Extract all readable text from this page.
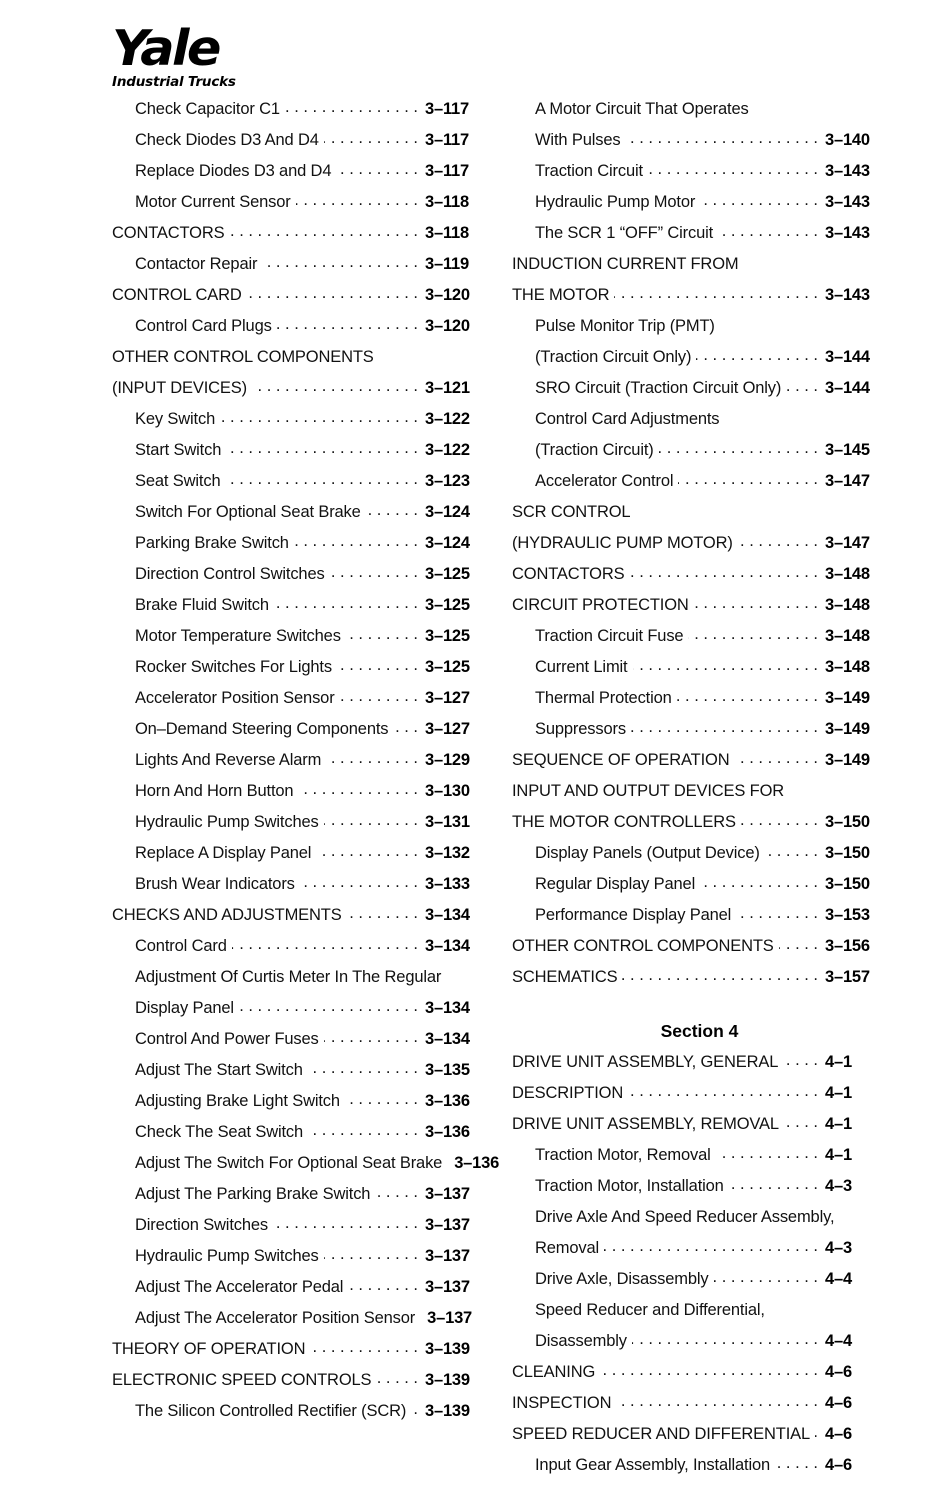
Yale
Industrial Trucks
Check Capacitor C1 . . .	3–117
Check Diodes D3 And D4 . . .	3–117
Replace Diodes D3 and D4 . . .	3–117
Motor Current Sensor . . .	3–118
CONTACTORS . . .	3–118
Contactor Repair . . .	3–119
CONTROL CARD . . .	3–120
Control Card Plugs . . .	3–120
OTHER CONTROL COMPONENTS
(INPUT DEVICES) . . .	3–121
Key Switch . . .	3–122
Start Switch . . .	3–122
Seat Switch . . .	3–123
Switch For Optional Seat Brake . . .	3–124
Parking Brake Switch . . .	3–124
Direction Control Switches . . .	3–125
Brake Fluid Switch . . .	3–125
Motor Temperature Switches . . .	3–125
Rocker Switches For Lights . . .	3–125
Accelerator Position Sensor . . .	3–127
On–Demand Steering Components . . . 3–127
Lights And Reverse Alarm . . .	3–129
Horn And Horn Button . . .	3–130
Hydraulic Pump Switches . . .	3–131
Replace A Display Panel . . .	3–132
Brush Wear Indicators . . .	3–133
CHECKS AND ADJUSTMENTS . . .	3–134
Control Card . . .	3–134
Adjustment Of Curtis Meter In The Regular
Display Panel . . .	3–134
Control And Power Fuses . . .	3–134
Adjust The Start Switch . . .	3–135
Adjusting Brake Light Switch . . .	3–136
Check The Seat Switch . . .	3–136
Adjust The Switch For Optional Seat Brake 3–136
Adjust The Parking Brake Switch . . .	3–137
Direction Switches . . .	3–137
Hydraulic Pump Switches . . .	3–137
Adjust The Accelerator Pedal . . .	3–137
Adjust The Accelerator Position Sensor 3–137
THEORY OF OPERATION . . .	3–139
ELECTRONIC SPEED CONTROLS . . .	3–139
The Silicon Controlled Rectifier (SCR) . . . 3–139
A Motor Circuit That Operates
With Pulses . . .	3–140
Traction Circuit . . .	3–143
Hydraulic Pump Motor . . .	3–143
The SCR 1 “OFF” Circuit . . .	3–143
INDUCTION CURRENT FROM
THE MOTOR . . .	3–143
Pulse Monitor Trip (PMT)
(Traction Circuit Only) . . .	3–144
SRO Circuit (Traction Circuit Only) . . .	3–144
Control Card Adjustments
(Traction Circuit) . . .	3–145
Accelerator Control . . .	3–147
SCR CONTROL
(HYDRAULIC PUMP MOTOR) . . .	3–147
CONTACTORS . . .	3–148
CIRCUIT PROTECTION . . .	3–148
Traction Circuit Fuse . . .	3–148
Current Limit . . .	3–148
Thermal Protection . . .	3–149
Suppressors . . .	3–149
SEQUENCE OF OPERATION . . .	3–149
INPUT AND OUTPUT DEVICES FOR
THE MOTOR CONTROLLERS . . .	3–150
Display Panels (Output Device) . . .	3–150
Regular Display Panel . . .	3–150
Performance Display Panel . . .	3–153
OTHER CONTROL COMPONENTS . . .	3–156
SCHEMATICS . . .	3–157
Section 4
DRIVE UNIT ASSEMBLY, GENERAL . . .	4–1
DESCRIPTION . . .	4–1
DRIVE UNIT ASSEMBLY, REMOVAL . . .	4–1
Traction Motor, Removal . . .	4–1
Traction Motor, Installation . . .	4–3
Drive Axle And Speed Reducer Assembly,
Removal . . .	4–3
Drive Axle, Disassembly . . .	4–4
Speed Reducer and Differential,
Disassembly . . .	4–4
CLEANING . . .	4–6
INSPECTION . . .	4–6
SPEED REDUCER AND DIFFERENTIAL . . . 4–6
Input Gear Assembly, Installation . . .	4–6
